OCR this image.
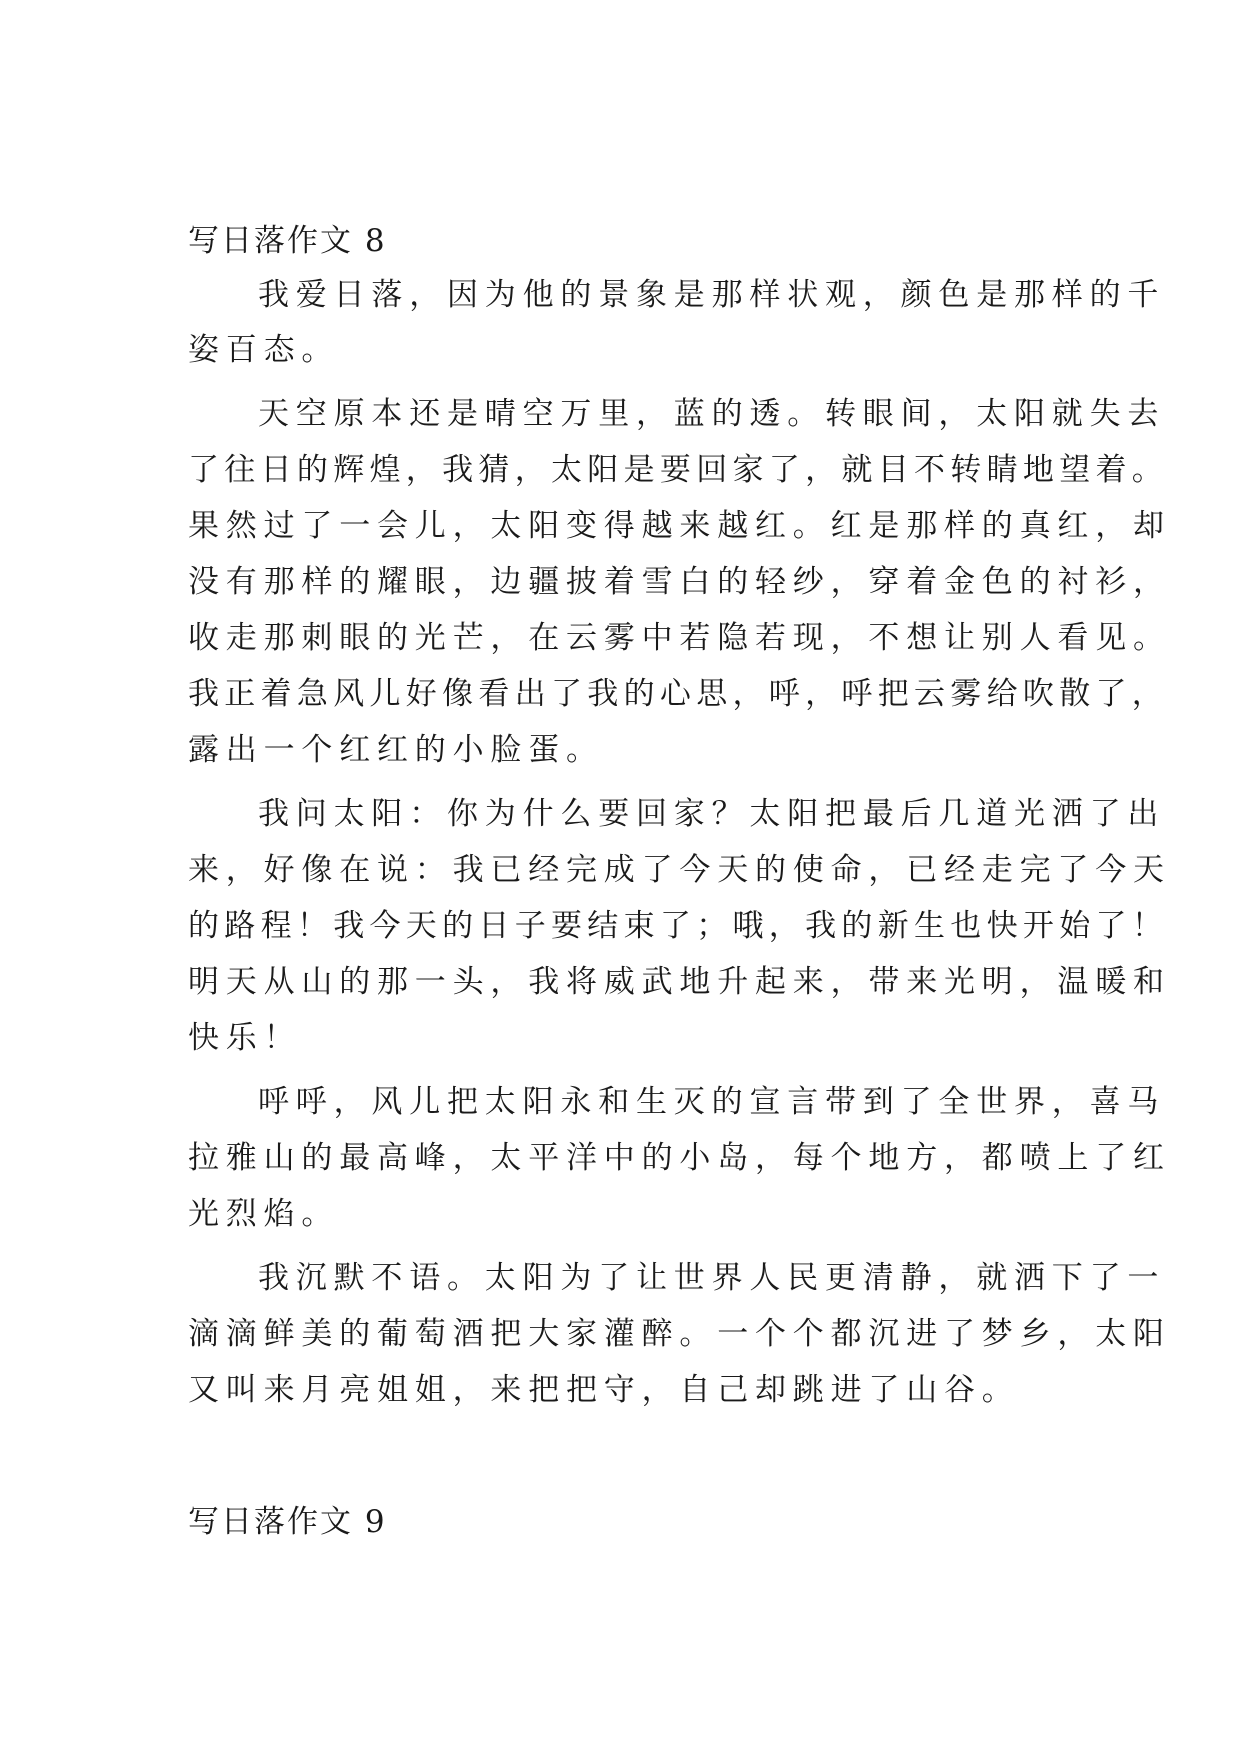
写日落作文 8
我爱日落，因为他的景象是那样状观，颜色是那样的千
姿百态。
天空原本还是晴空万里，蓝的透。转眼间，太阳就失去
了往日的辉煌，我猜，太阳是要回家了，就目不转睛地望着。
果然过了一会儿，太阳变得越来越红。红是那样的真红，却
没有那样的耀眼，边疆披着雪白的轻纱，穿着金色的衬衫，
收走那刺眼的光芒，在云雾中若隐若现，不想让别人看见。
我正着急风儿好像看出了我的心思，呼，呼把云雾给吹散了，
露出一个红红的小脸蛋。
我问太阳：你为什么要回家？太阳把最后几道光洒了出
来，好像在说：我已经完成了今天的使命，已经走完了今天
的路程！我今天的日子要结束了；哦，我的新生也快开始了！
明天从山的那一头，我将威武地升起来，带来光明，温暖和
快乐！
呼呼，风儿把太阳永和生灭的宣言带到了全世界，喜马
拉雅山的最高峰，太平洋中的小岛，每个地方，都喷上了红
光烈焰。
我沉默不语。太阳为了让世界人民更清静，就洒下了一
滴滴鲜美的葡萄酒把大家灌醉。一个个都沉进了梦乡，太阳
又叫来月亮姐姐，来把把守，自己却跳进了山谷。
写日落作文 9
